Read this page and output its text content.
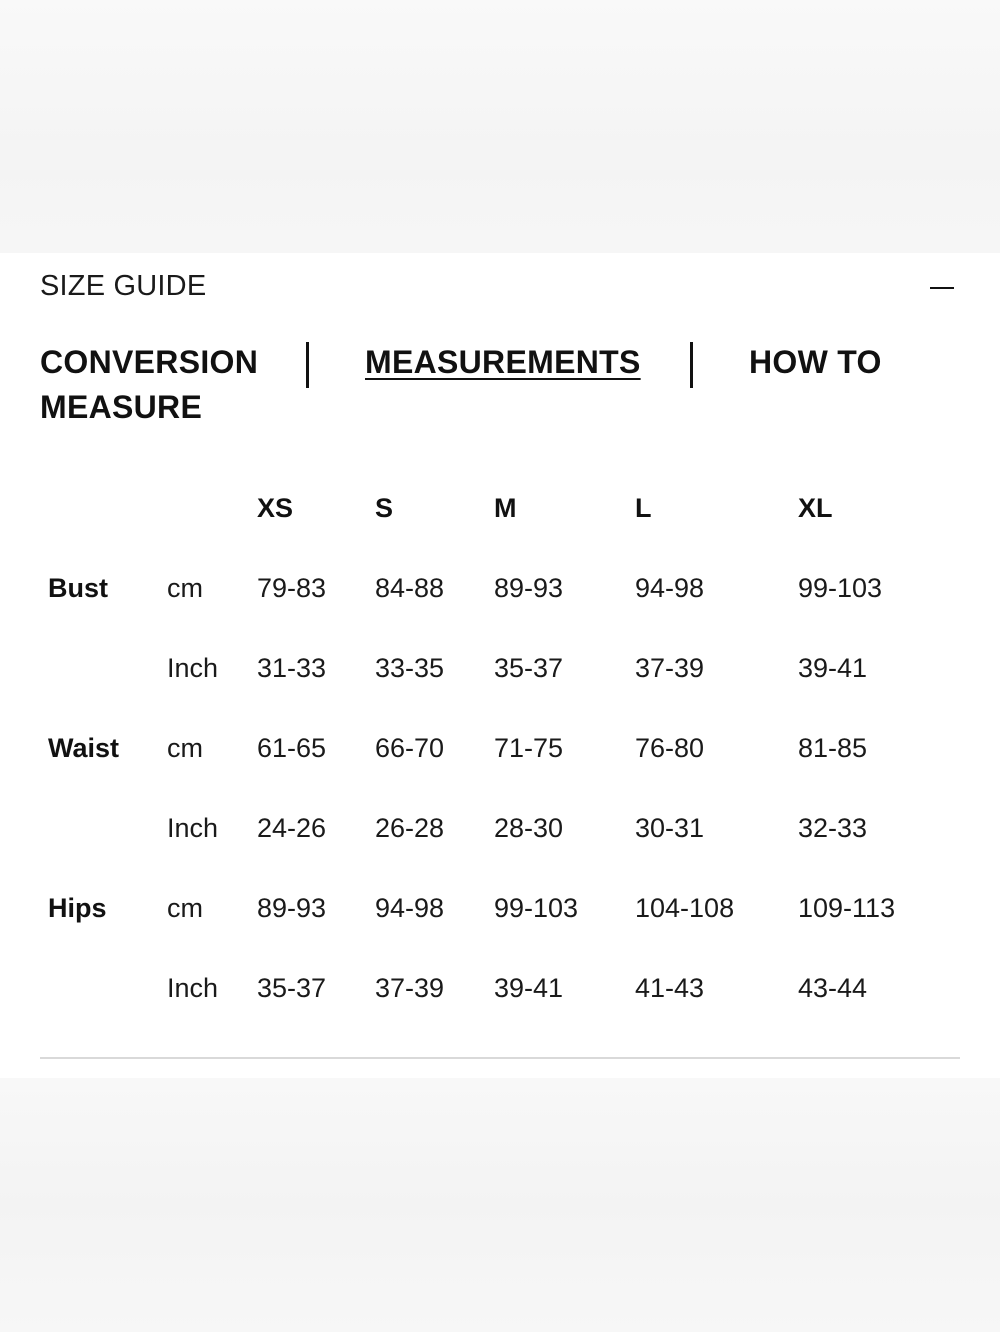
SIZE GUIDE
CONVERSION	MEASUREMENTS	HOW TO
MEASURE
XS	S	M	L	XL
Bust cm 79-83 84-88 89-93	94-98	99-103
Inch 31-33 33-35 35-37	37-39	39-41
Waist cm 61-65 66-70 71-75	76-80	81-85
Inch 24-26 26-28 28-30	30-31	32-33
Hips cm 89-93 94-98 99-103 104-108 109-113
Inch 35-37 37-39 39-41	41-43	43-44
